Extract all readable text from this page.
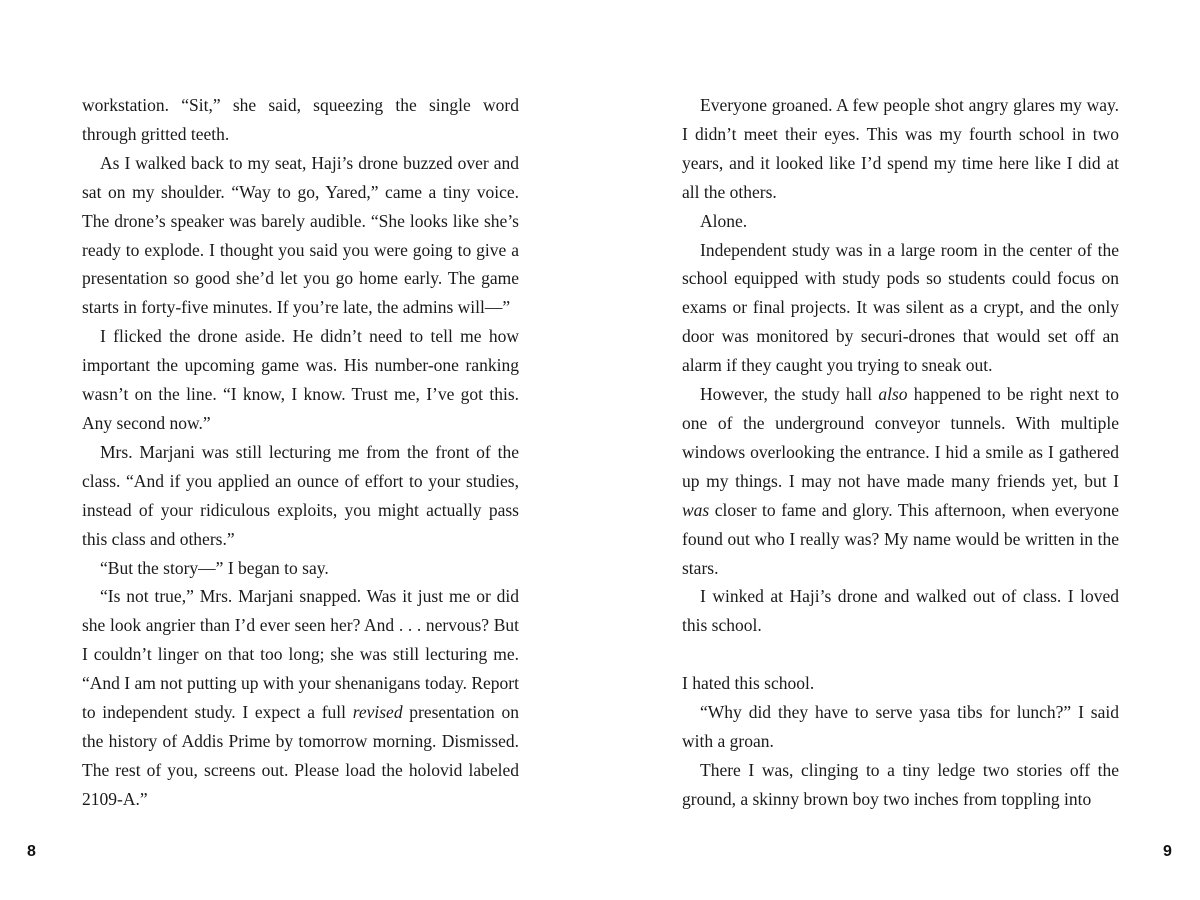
workstation. “Sit,” she said, squeezing the single word through gritted teeth.

As I walked back to my seat, Haji’s drone buzzed over and sat on my shoulder. “Way to go, Yared,” came a tiny voice. The drone’s speaker was barely audible. “She looks like she’s ready to explode. I thought you said you were going to give a presentation so good she’d let you go home early. The game starts in forty-five minutes. If you’re late, the admins will—”

I flicked the drone aside. He didn’t need to tell me how important the upcoming game was. His number-one ranking wasn’t on the line. “I know, I know. Trust me, I’ve got this. Any second now.”

Mrs. Marjani was still lecturing me from the front of the class. “And if you applied an ounce of effort to your studies, instead of your ridiculous exploits, you might actually pass this class and others.”

“But the story—” I began to say.

“Is not true,” Mrs. Marjani snapped. Was it just me or did she look angrier than I’d ever seen her? And . . . nervous? But I couldn’t linger on that too long; she was still lecturing me. “And I am not putting up with your shenanigans today. Report to independent study. I expect a full revised presentation on the history of Addis Prime by tomorrow morning. Dismissed. The rest of you, screens out. Please load the holovid labeled 2109-A.”

Everyone groaned. A few people shot angry glares my way. I didn’t meet their eyes. This was my fourth school in two years, and it looked like I’d spend my time here like I did at all the others.

Alone.

Independent study was in a large room in the center of the school equipped with study pods so students could focus on exams or final projects. It was silent as a crypt, and the only door was monitored by securi-drones that would set off an alarm if they caught you trying to sneak out.

However, the study hall also happened to be right next to one of the underground conveyor tunnels. With multiple windows overlooking the entrance. I hid a smile as I gathered up my things. I may not have made many friends yet, but I was closer to fame and glory. This afternoon, when everyone found out who I really was? My name would be written in the stars.

I winked at Haji’s drone and walked out of class. I loved this school.

I hated this school.

“Why did they have to serve yasa tibs for lunch?” I said with a groan.

There I was, clinging to a tiny ledge two stories off the ground, a skinny brown boy two inches from toppling into

8	9
